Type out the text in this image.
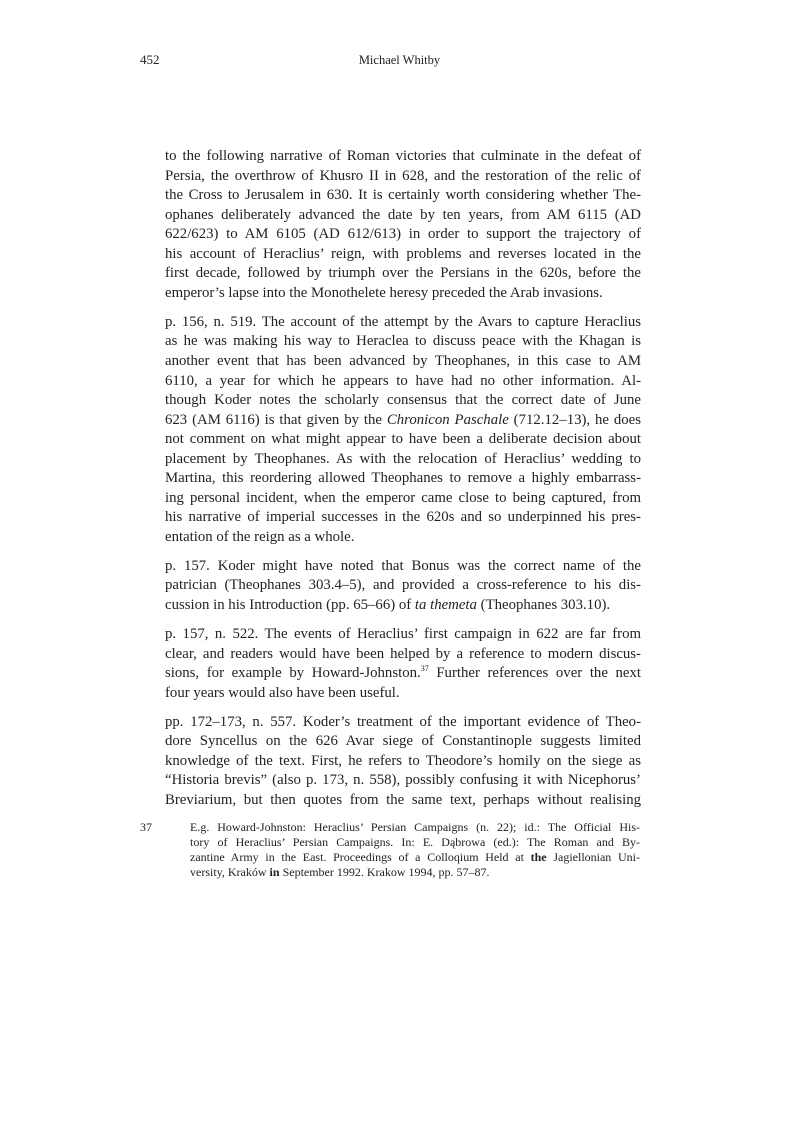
452	Michael Whitby
to the following narrative of Roman victories that culminate in the defeat of
Persia, the overthrow of Khusro II in 628, and the restoration of the relic of
the Cross to Jerusalem in 630. It is certainly worth considering whether The-
ophanes deliberately advanced the date by ten years, from AM 6115 (AD
622/623) to AM 6105 (AD 612/613) in order to support the trajectory of
his account of Heraclius’ reign, with problems and reverses located in the
first decade, followed by triumph over the Persians in the 620s, before the
emperor’s lapse into the Monothelete heresy preceded the Arab invasions.
p. 156, n. 519. The account of the attempt by the Avars to capture Heraclius
as he was making his way to Heraclea to discuss peace with the Khagan is
another event that has been advanced by Theophanes, in this case to AM
6110, a year for which he appears to have had no other information. Al-
though Koder notes the scholarly consensus that the correct date of June
623 (AM 6116) is that given by the Chronicon Paschale (712.12–13), he does
not comment on what might appear to have been a deliberate decision about
placement by Theophanes. As with the relocation of Heraclius’ wedding to
Martina, this reordering allowed Theophanes to remove a highly embarrass-
ing personal incident, when the emperor came close to being captured, from
his narrative of imperial successes in the 620s and so underpinned his pres-
entation of the reign as a whole.
p. 157. Koder might have noted that Bonus was the correct name of the
patrician (Theophanes 303.4–5), and provided a cross-reference to his dis-
cussion in his Introduction (pp. 65–66) of ta themeta (Theophanes 303.10).
p. 157, n. 522. The events of Heraclius’ first campaign in 622 are far from
clear, and readers would have been helped by a reference to modern discus-
sions, for example by Howard-Johnston.$^{37}$ Further references over the next
four years would also have been useful.
pp. 172–173, n. 557. Koder’s treatment of the important evidence of Theo-
dore Syncellus on the 626 Avar siege of Constantinople suggests limited
knowledge of the text. First, he refers to Theodore’s homily on the siege as
“Historia brevis” (also p. 173, n. 558), possibly confusing it with Nicephorus’
Breviarium, but then quotes from the same text, perhaps without realising
37	E.g. Howard-Johnston: Heraclius’ Persian Campaigns (n. 22); id.: The Official His-
tory of Heraclius’ Persian Campaigns. In: E. Dąbrowa (ed.): The Roman and By-
zantine Army in the East. Proceedings of a Colloqium Held at the Jagiellonian Uni-
versity, Kraków in September 1992. Krakow 1994, pp. 57–87.
